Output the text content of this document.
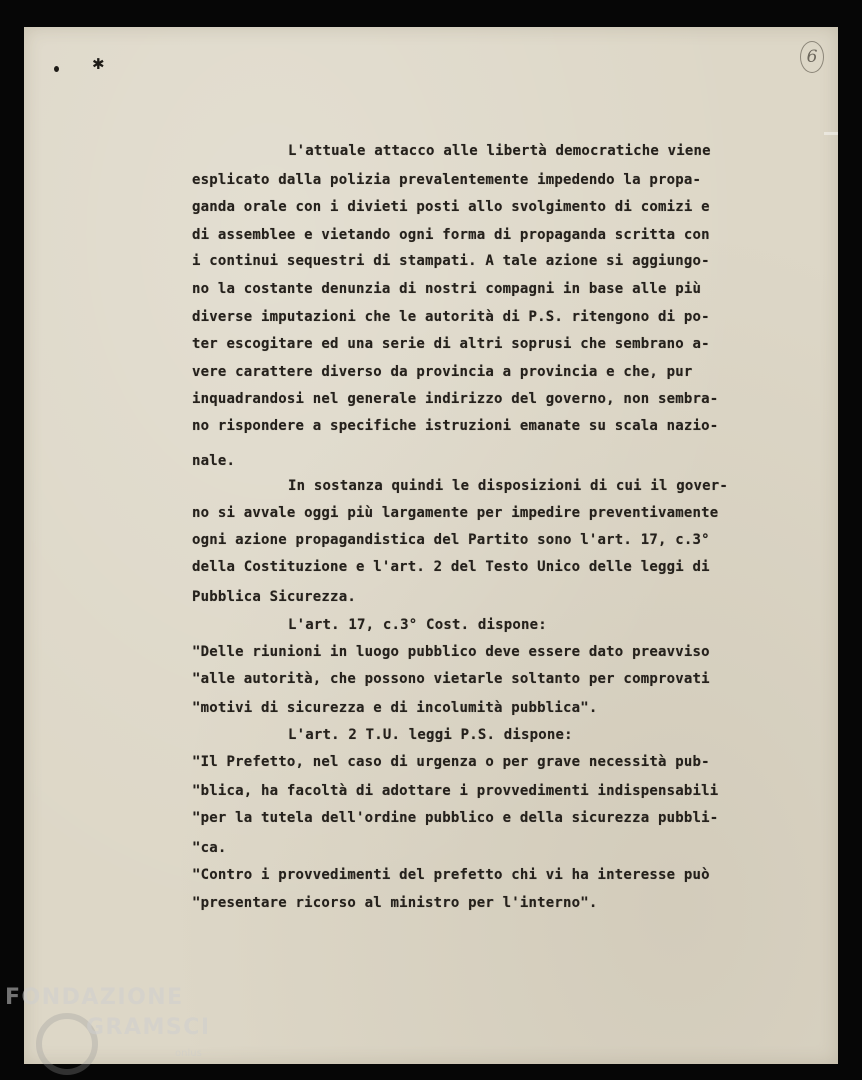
✱	6

L'attuale attacco alle libertà democratiche viene

esplicato dalla polizia prevalentemente impedendo la propa-

ganda orale con i divieti posti allo svolgimento di comizi e

di assemblee e vietando ogni forma di propaganda scritta con

i continui sequestri di stampati. A tale azione si aggiungo-

no la costante denunzia di nostri compagni in base alle più

diverse imputazioni che le autorità di P.S. ritengono di po-

ter escogitare ed una serie di altri soprusi che sembrano a-

vere carattere diverso da provincia a provincia e che, pur

inquadrandosi nel generale indirizzo del governo, non sembra-

no rispondere a specifiche istruzioni emanate su scala nazio-

nale.

In sostanza quindi le disposizioni di cui il gover-

no si avvale oggi più largamente per impedire preventivamente

ogni azione propagandistica del Partito sono l'art. 17, c.3°

della Costituzione e l'art. 2 del Testo Unico delle leggi di

Pubblica Sicurezza.

L'art. 17, c.3° Cost. dispone:

"Delle riunioni in luogo pubblico deve essere dato preavviso

"alle autorità, che possono vietarle soltanto per comprovati

"motivi di sicurezza e di incolumità pubblica".

L'art. 2 T.U. leggi P.S. dispone:

"Il Prefetto, nel caso di urgenza o per grave necessità pub-

"blica, ha facoltà di adottare i provvedimenti indispensabili

"per la tutela dell'ordine pubblico e della sicurezza pubbli-

"ca.

"Contro i provvedimenti del prefetto chi vi ha interesse può

"presentare ricorso al ministro per l'interno".

FONDAZIONE

GRAMSCI

onlus
